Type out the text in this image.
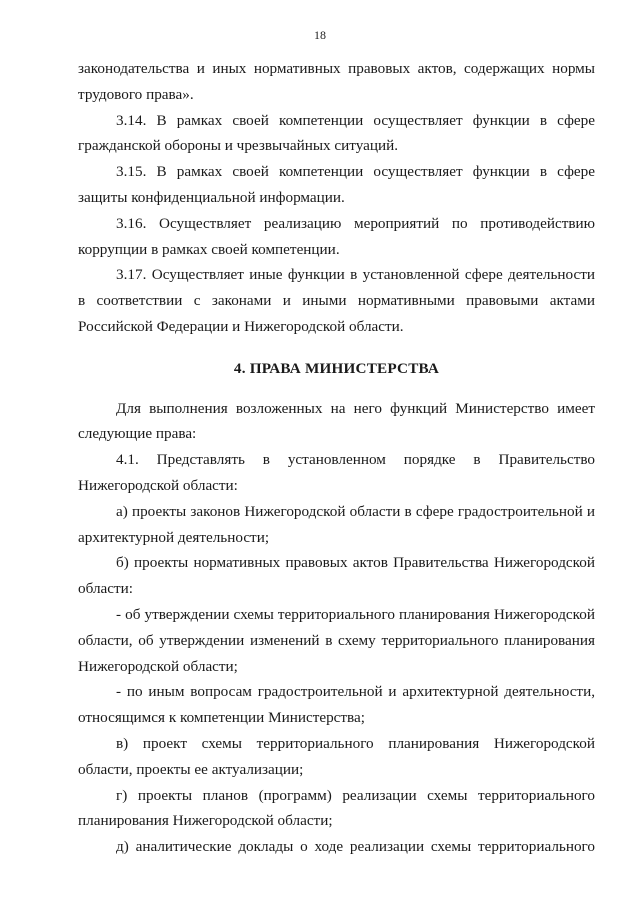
18

законодательства и иных нормативных правовых актов, содержащих нормы трудового права».

3.14. В рамках своей компетенции осуществляет функции в сфере гражданской обороны и чрезвычайных ситуаций.

3.15. В рамках своей компетенции осуществляет функции в сфере защиты конфиденциальной информации.

3.16. Осуществляет реализацию мероприятий по противодействию коррупции в рамках своей компетенции.

3.17. Осуществляет иные функции в установленной сфере деятельности в соответствии с законами и иными нормативными правовыми актами Российской Федерации и Нижегородской области.

4. ПРАВА МИНИСТЕРСТВА

Для выполнения возложенных на него функций Министерство имеет следующие права:

4.1. Представлять в установленном порядке в Правительство Нижегородской области:

а) проекты законов Нижегородской области в сфере градостроительной и архитектурной деятельности;

б) проекты нормативных правовых актов Правительства Нижегородской области:

- об утверждении схемы территориального планирования Нижегородской области, об утверждении изменений в схему территориального планирования Нижегородской области;

- по иным вопросам градостроительной и архитектурной деятельности, относящимся к компетенции Министерства;

в) проект схемы территориального планирования Нижегородской области, проекты ее актуализации;

г) проекты планов (программ) реализации схемы территориального планирования Нижегородской области;

д) аналитические доклады о ходе реализации схемы территориального
